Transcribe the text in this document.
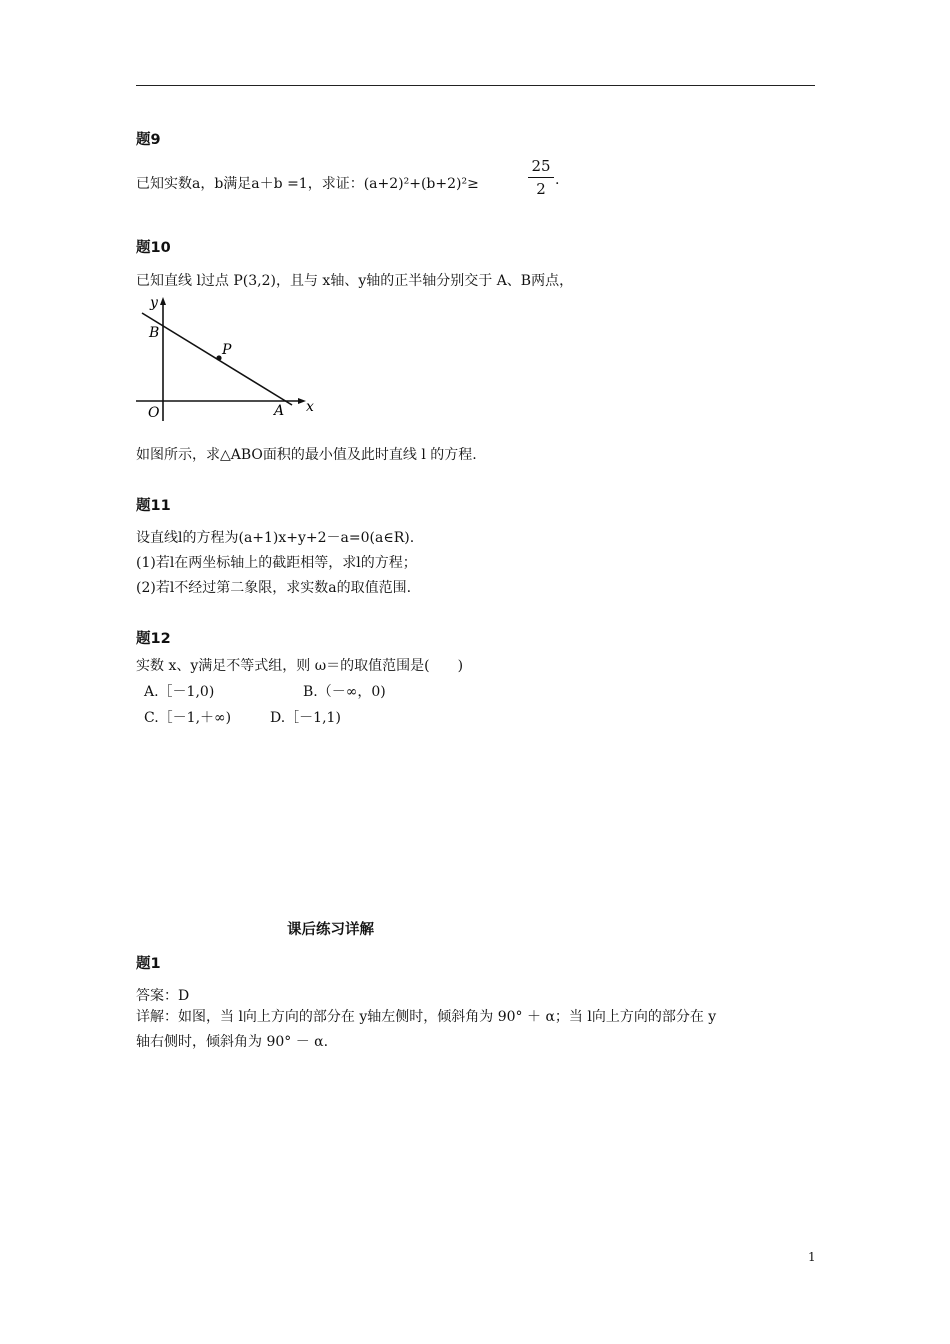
题9
已知实数a，b满足a＋b =1，求证：(a+2)²+(b+2)²≥
25
2 .
题10
已知直线 l过点 P(3,2)，且与 x轴、y轴的正半轴分别交于 A、B两点，
y
B
P
O	A x
如图所示，求△ABO面积的最小值及此时直线 l 的方程.
题11
设直线l的方程为(a+1)x+y+2－a=0(a∈R).
(1)若l在两坐标轴上的截距相等，求l的方程；
(2)若l不经过第二象限，求实数a的取值范围.
题12
实数 x、y满足不等式组，则 ω＝的取值范围是(　　)
A.［－1,0)	B.（－∞，0)
C.［－1,＋∞)	D.［－1,1)
课后练习详解
题1
答案：D
详解：如图，当 l向上方向的部分在 y轴左侧时，倾斜角为 90° ＋ α；当 l向上方向的部分在 y
轴右侧时，倾斜角为 90° － α.
1
